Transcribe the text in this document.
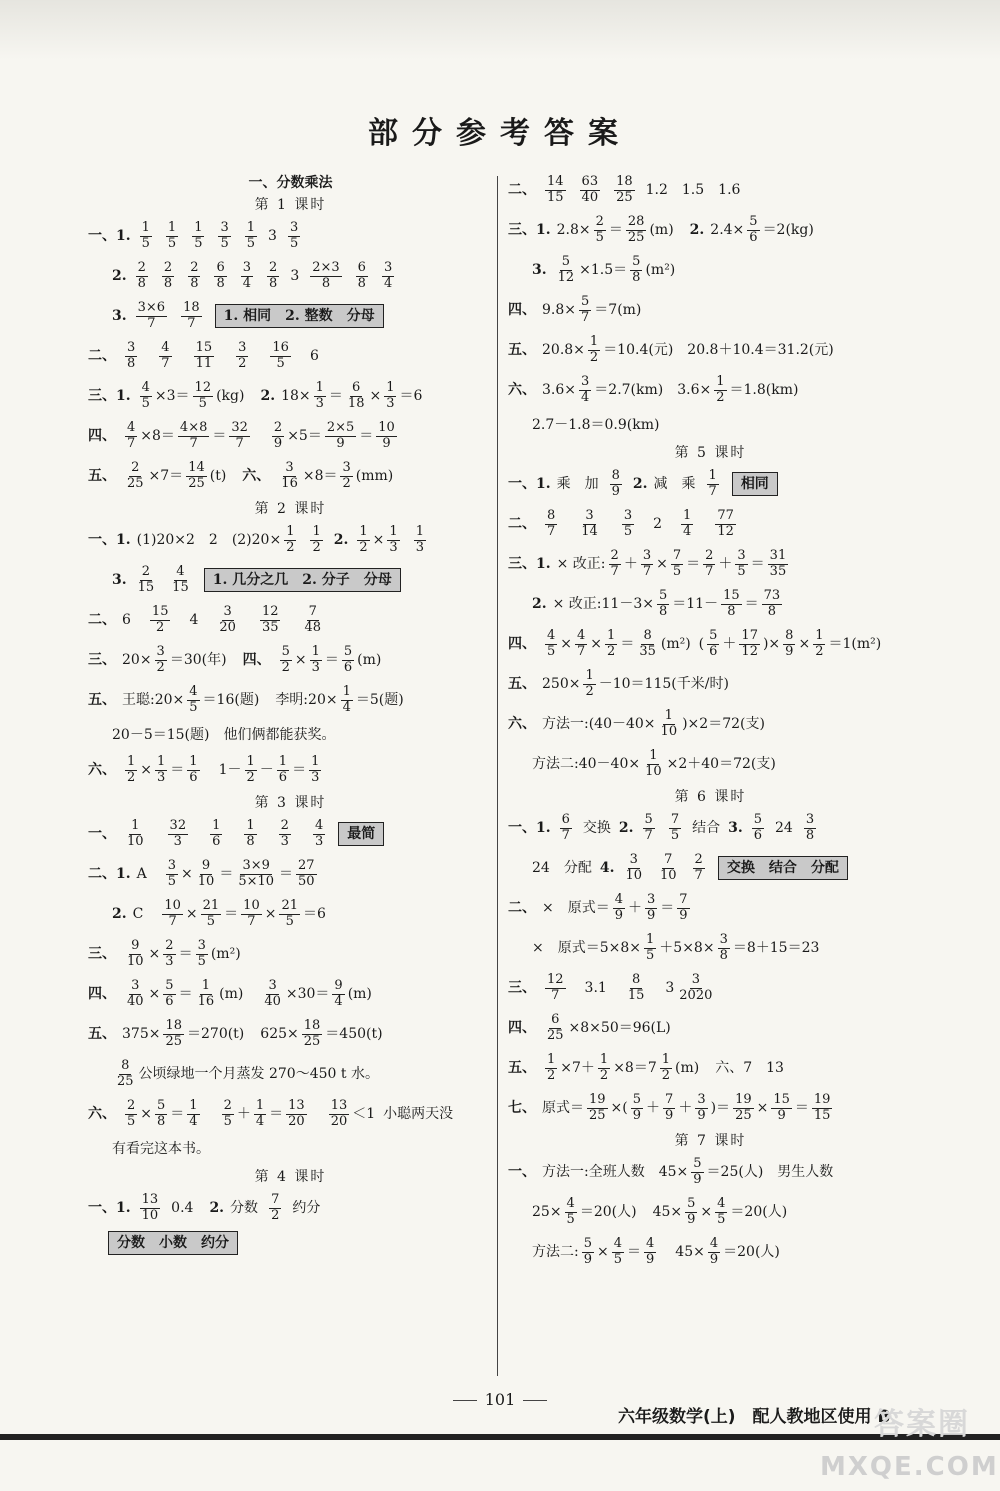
部分参考答案
一、分数乘法
第 1 课时
一、1. $\frac{1}{5} \frac{1}{5} \frac{1}{5} \frac{3}{5} \frac{1}{5} 3 \frac{3}{5}$
2. $\frac{2}{8} \frac{2}{8} \frac{2}{8} \frac{6}{8} \frac{3}{4} \frac{2}{8} 3 \frac{2\times 3}{8} \frac{6}{8} \frac{3}{4}$
3. $\frac{3\times 6}{7} \frac{18}{7}$	1. 相同　2. 整数　 分母
二、 $\frac{3}{8} \frac{4}{7} \frac{15}{11} \frac{3}{2} \frac{16}{5} 6$
三、1. $\frac{4}{5} \times 3= \frac{12}{5} (kg)$ 2. $18\times \frac{1}{3} = \frac{6}{18} \times \frac{1}{3} =6$
四、 $\frac{4}{7} \times 8= \frac{4\times 8}{7} = \frac{32}{7} \frac{2}{9} \times 5= \frac{2\times 5}{9} = \frac{10}{9}$
五、 $\frac{2}{25} \times 7= \frac{14}{25} (t)$ 六、 $\frac{3}{16} \times 8= \frac{3}{2} (mm)$
第 2 课时
一、1. (1)20×2　2　$(2)20\times \frac{1}{2} \frac{1}{2} 2$. $\frac{1}{2} \times \frac{1}{3} \frac{1}{3}$
3. $\frac{2}{15} \frac{4}{15}$	1. 几分之几　2. 分子　 分母
二、 $6 \frac{15}{2} 4 \frac{3}{20} \frac{12}{35} \frac{7}{48}$
三、 $20\times \frac{3}{2} =30$ (年) 四、 $\frac{5}{2} \times \frac{1}{3} = \frac{5}{6} (m)$
五、 王聪: $20\times \frac{4}{5} =16$ (题) 李明: $20\times \frac{1}{4} =5$(题)
20－5＝15(题)　他们俩都能获奖。
六、 $\frac{1}{2} \times \frac{1}{3} = \frac{1}{6} 1- \frac{1}{2} - \frac{1}{6} = \frac{1}{3}$
第 3 课时
一、 $\frac{1}{10} \frac{32}{3} \frac{1}{6} \frac{1}{8} \frac{2}{3} \frac{4}{3}$	最简
二、1. A $\frac{3}{5} \times \frac{9}{10} = \frac{3\times 9}{5\times 10} = \frac{27}{50}$
2. C $\frac{10}{7} \times \frac{21}{5} = \frac{10}{7} \times \frac{21}{5} =6$
三、 $\frac{9}{10} \times \frac{2}{3} = \frac{3}{5} (m^2)$
四、 $\frac{3}{40} \times \frac{5}{6} = \frac{1}{16} (m) \frac{3}{40} \times 30= \frac{9}{4} (m)$
五、 $375\times \frac{18}{25} =270(t)$ $625\times \frac{18}{25} =450(t)$
$\frac{8}{25}$ 公顷绿地一个月蒸发 270～450 t 水。
六、 $\frac{2}{5} \times \frac{5}{8} = \frac{1}{4} \frac{2}{5} + \frac{1}{4} = \frac{13}{20} \frac{13}{20} <1$ 小聪两天没
有看完这本书。
第 4 课时
一、1. $\frac{13}{10} 0.4$ 2. 分数 $\frac{7}{2}$ 约分
分数　小数　约分
二、 $\frac{14}{15} \frac{63}{40} \frac{18}{25} 1.2$　1.5　1.6
三、1. $2.8\times \frac{2}{5} = \frac{28}{25} (m)$ 2. $2.4\times \frac{5}{6} =2(kg)$
3. $\frac{5}{12} \times 1.5= \frac{5}{8} (m^2)$
四、 $9.8\times \frac{5}{7} =7(m)$
五、 $20.8\times \frac{1}{2} =10.4$(元)　20.8＋10.4＝31.2(元)
六、 $3.6\times \frac{3}{4} =2.7(km)$　$3.6\times \frac{1}{2} =1.8(km)$
2.7－1.8＝0.9(km)
第 5 课时
一、1. 乘　加 $\frac{8}{9} 2$. 减　乘 $\frac{1}{7}$	相同
二、 $\frac{8}{7} \frac{3}{14} \frac{3}{5} 2 \frac{1}{4} \frac{77}{12}$
三、1. × 改正: $\frac{2}{7} + \frac{3}{7} \times \frac{7}{5} = \frac{2}{7} + \frac{3}{5} = \frac{31}{35}$
2. × 改正:11－3× $\frac{5}{8} =11- \frac{15}{8} = \frac{73}{8}$
四、 $\frac{4}{5} \times \frac{4}{7} \times \frac{1}{2} = \frac{8}{35} (m^2)$ ( $\frac{5}{6} + \frac{17}{12}$ )× $\frac{8}{9} \times \frac{1}{2} =1(m^2)$
五、 $250\times \frac{1}{2} -10=115$(千米/时)
六、 方法一:(40－40× $\frac{1}{10} )\times 2=72$(支)
方法二:40－40× $\frac{1}{10} \times 2+40=72$(支)
第 6 课时
一、1. $\frac{6}{7}$ 交换 2. $\frac{5}{7} \frac{7}{5}$ 结合 3. $\frac{5}{6} 24 \frac{3}{8}$
24　分配 4. $\frac{3}{10} \frac{7}{10} \frac{2}{7}$	交换　结合　分配
二、 ×　原式＝ $\frac{4}{9} + \frac{3}{9} = \frac{7}{9}$
×　原式$=5\times 8\times \frac{1}{5} +5\times 8\times \frac{3}{8} =8+15=23$
三、 $\frac{12}{7} 3.1 \frac{8}{15} 3 \frac{3}{2020}$
四、 $\frac{6}{25} \times 8\times 50=96(L)$
五、 $\frac{1}{2} \times 7+ \frac{1}{2} \times 8=7 \frac{1}{2} (m)$ 六、7　13
七、 原式＝ $\frac{19}{25}$ ×( $\frac{5}{9} + \frac{7}{9} + \frac{3}{9}$ )＝ $\frac{19}{25} \times \frac{15}{9} = \frac{19}{15}$
第 7 课时
一、 方法一:全班人数　$45\times \frac{5}{9} =25$(人)　男生人数
$25\times \frac{4}{5} =20$(人)
$45\times \frac{5}{9} \times \frac{4}{5} =20$(人)
方法二: $\frac{5}{9} \times \frac{4}{5} = \frac{4}{9} 45\times \frac{4}{9} =20$(人)
101
六年级数学(上)　配人教地区使用 B
答案圈
MXQE.COM
